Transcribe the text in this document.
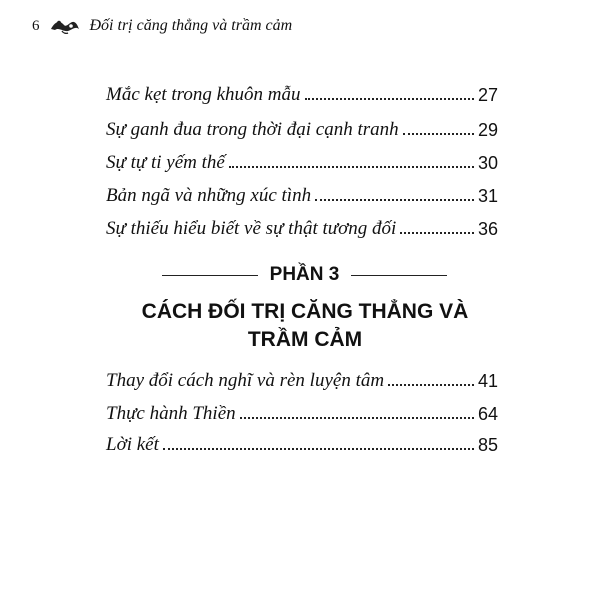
6	Đối trị căng thẳng và trầm cảm
Mắc kẹt trong khuôn mẫu	27
Sự ganh đua trong thời đại cạnh tranh	29
Sự tự ti yếm thế	30
Bản ngã và những xúc tình	31
Sự thiếu hiểu biết về sự thật tương đối	36
PHẦN 3
CÁCH ĐỐI TRỊ CĂNG THẲNG VÀ
TRẦM CẢM
Thay đổi cách nghĩ và rèn luyện tâm	41
Thực hành Thiền	64
Lời kết	85
